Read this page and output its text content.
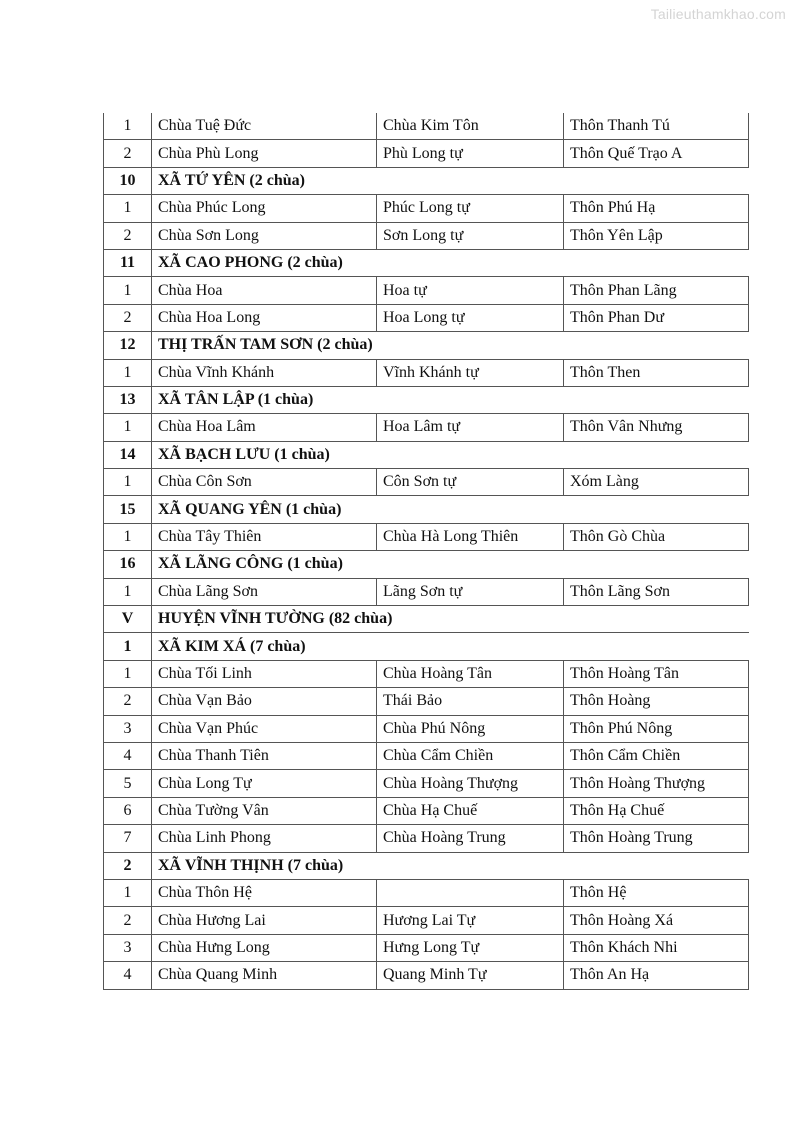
Tailieuthamkhao.com
1	Chùa Tuệ Đức	Chùa Kim Tôn	Thôn Thanh Tú
2	Chùa Phù Long	Phù Long tự	Thôn Quế Trạo A
10	XÃ TỨ YÊN (2 chùa)		
1	Chùa Phúc Long	Phúc Long tự	Thôn Phú Hạ
2	Chùa Sơn Long	Sơn Long tự	Thôn Yên Lập
11	XÃ CAO PHONG (2 chùa)		
1	Chùa Hoa	Hoa tự	Thôn Phan Lãng
2	Chùa Hoa Long	Hoa Long tự	Thôn Phan Dư
12	THỊ TRẤN TAM SƠN (2 chùa)		
1	Chùa Vĩnh Khánh	Vĩnh Khánh tự	Thôn Then
13	XÃ TÂN LẬP (1 chùa)		
1	Chùa Hoa Lâm	Hoa Lâm tự	Thôn Vân Nhưng
14	XÃ BẠCH LƯU (1 chùa)		
1	Chùa Côn Sơn	Côn Sơn tự	Xóm Làng
15	XÃ QUANG YÊN (1 chùa)		
1	Chùa Tây Thiên	Chùa Hà Long Thiên	Thôn Gò Chùa
16	XÃ LÃNG CÔNG (1 chùa)		
1	Chùa Lãng Sơn	Lãng Sơn tự	Thôn Lãng Sơn
V	HUYỆN VĨNH TƯỜNG (82 chùa)		
1	XÃ KIM XÁ (7 chùa)		
1	Chùa Tối Linh	Chùa Hoàng Tân	Thôn Hoàng Tân
2	Chùa Vạn Bảo	Thái Bảo	Thôn Hoàng
3	Chùa Vạn Phúc	Chùa Phú Nông	Thôn Phú Nông
4	Chùa Thanh Tiên	Chùa Cẩm Chiền	Thôn Cẩm Chiền
5	Chùa Long Tự	Chùa Hoàng Thượng	Thôn Hoàng Thượng
6	Chùa Tường Vân	Chùa Hạ Chuế	Thôn Hạ Chuế
7	Chùa Linh Phong	Chùa Hoàng Trung	Thôn Hoàng Trung
2	XÃ VĨNH THỊNH (7 chùa)		
1	Chùa Thôn Hệ		Thôn Hệ
2	Chùa Hương Lai	Hương Lai Tự	Thôn Hoàng Xá
3	Chùa Hưng Long	Hưng Long Tự	Thôn Khách Nhi
4	Chùa Quang Minh	Quang Minh Tự	Thôn An Hạ
